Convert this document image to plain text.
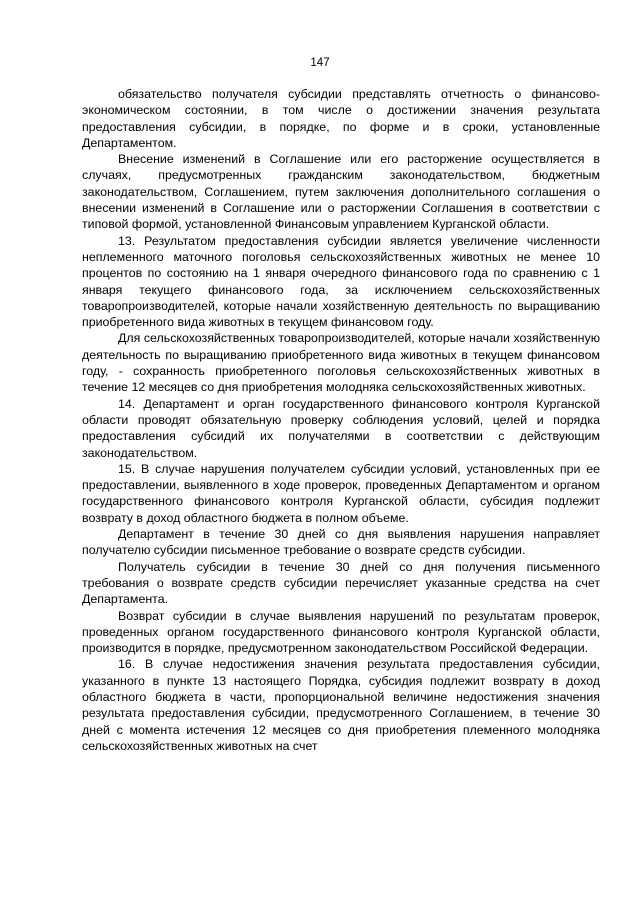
147

обязательство получателя субсидии представлять отчетность о финансово-экономическом состоянии, в том числе о достижении значения результата предоставления субсидии, в порядке, по форме и в сроки, установленные Департаментом.

Внесение изменений в Соглашение или его расторжение осуществляется в случаях, предусмотренных гражданским законодательством, бюджетным законодательством, Соглашением, путем заключения дополнительного соглашения о внесении изменений в Соглашение или о расторжении Соглашения в соответствии с типовой формой, установленной Финансовым управлением Курганской области.

13. Результатом предоставления субсидии является увеличение численности неплеменного маточного поголовья сельскохозяйственных животных не менее 10 процентов по состоянию на 1 января очередного финансового года по сравнению с 1 января текущего финансового года, за исключением сельскохозяйственных товаропроизводителей, которые начали хозяйственную деятельность по выращиванию приобретенного вида животных в текущем финансовом году.

Для сельскохозяйственных товаропроизводителей, которые начали хозяйственную деятельность по выращиванию приобретенного вида животных в текущем финансовом году, - сохранность приобретенного поголовья сельскохозяйственных животных в течение 12 месяцев со дня приобретения молодняка сельскохозяйственных животных.

14. Департамент и орган государственного финансового контроля Курганской области проводят обязательную проверку соблюдения условий, целей и порядка предоставления субсидий их получателями в соответствии с действующим законодательством.

15. В случае нарушения получателем субсидии условий, установленных при ее предоставлении, выявленного в ходе проверок, проведенных Департаментом и органом государственного финансового контроля Курганской области, субсидия подлежит возврату в доход областного бюджета в полном объеме.

Департамент в течение 30 дней со дня выявления нарушения направляет получателю субсидии письменное требование о возврате средств субсидии.

Получатель субсидии в течение 30 дней со дня получения письменного требования о возврате средств субсидии перечисляет указанные средства на счет Департамента.

Возврат субсидии в случае выявления нарушений по результатам проверок, проведенных органом государственного финансового контроля Курганской области, производится в порядке, предусмотренном законодательством Российской Федерации.

16. В случае недостижения значения результата предоставления субсидии, указанного в пункте 13 настоящего Порядка, субсидия подлежит возврату в доход областного бюджета в части, пропорциональной величине недостижения значения результата предоставления субсидии, предусмотренного Соглашением, в течение 30 дней с момента истечения 12 месяцев со дня приобретения племенного молодняка сельскохозяйственных животных на счет
